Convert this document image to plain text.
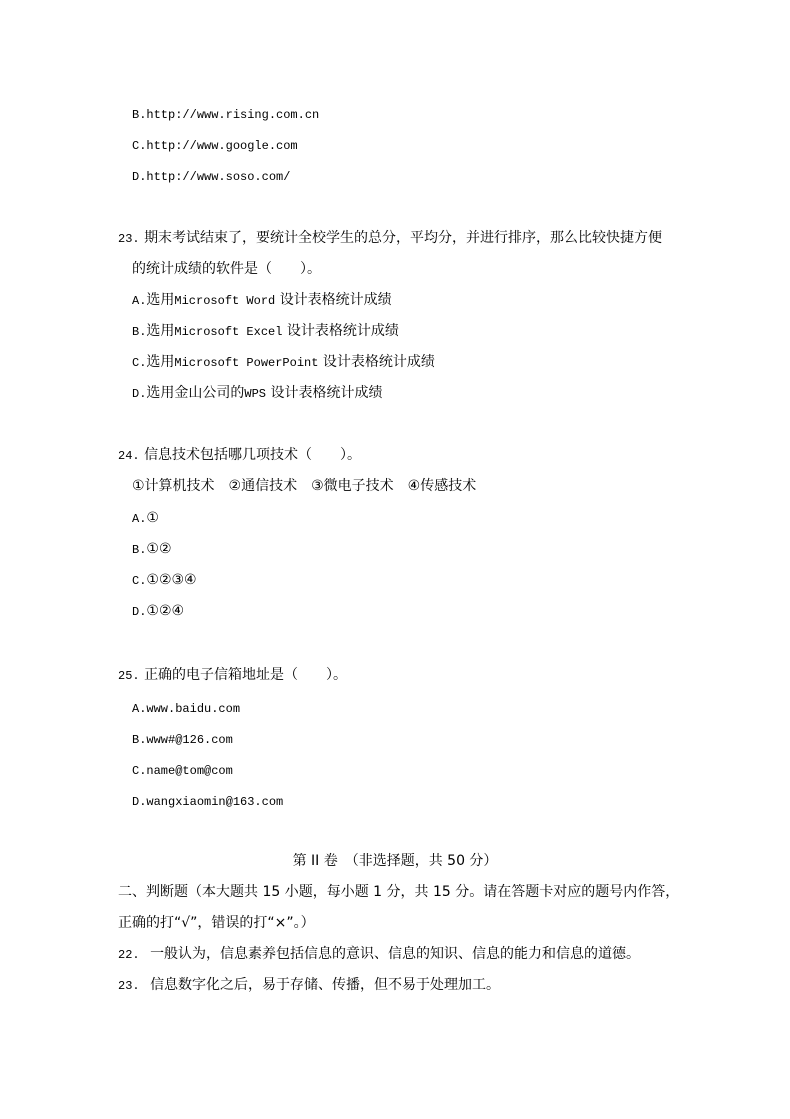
B.http://www.rising.com.cn
C.http://www.google.com
D.http://www.soso.com/
23. 期末考试结束了，要统计全校学生的总分，平均分，并进行排序，那么比较快捷方便
的统计成绩的软件是（　　）。
A.选用Microsoft Word 设计表格统计成绩
B.选用Microsoft Excel 设计表格统计成绩
C.选用Microsoft PowerPoint 设计表格统计成绩
D.选用金山公司的WPS 设计表格统计成绩
24. 信息技术包括哪几项技术（　　）。
①计算机技术　②通信技术　③微电子技术　④传感技术
A.①
B.①②
C.①②③④
D.①②④
25. 正确的电子信箱地址是（　　）。
A.www.baidu.com
B.www#@126.com
C.name@tom@com
D.wangxiaomin@163.com
第 II 卷　（非选择题，共 50 分）
二、判断题（本大题共 15 小题，每小题 1 分，共 15 分。请在答题卡对应的题号内作答，
正确的打“√”，错误的打“×”。）
22. 一般认为，信息素养包括信息的意识、信息的知识、信息的能力和信息的道德。
23. 信息数字化之后，易于存储、传播，但不易于处理加工。
